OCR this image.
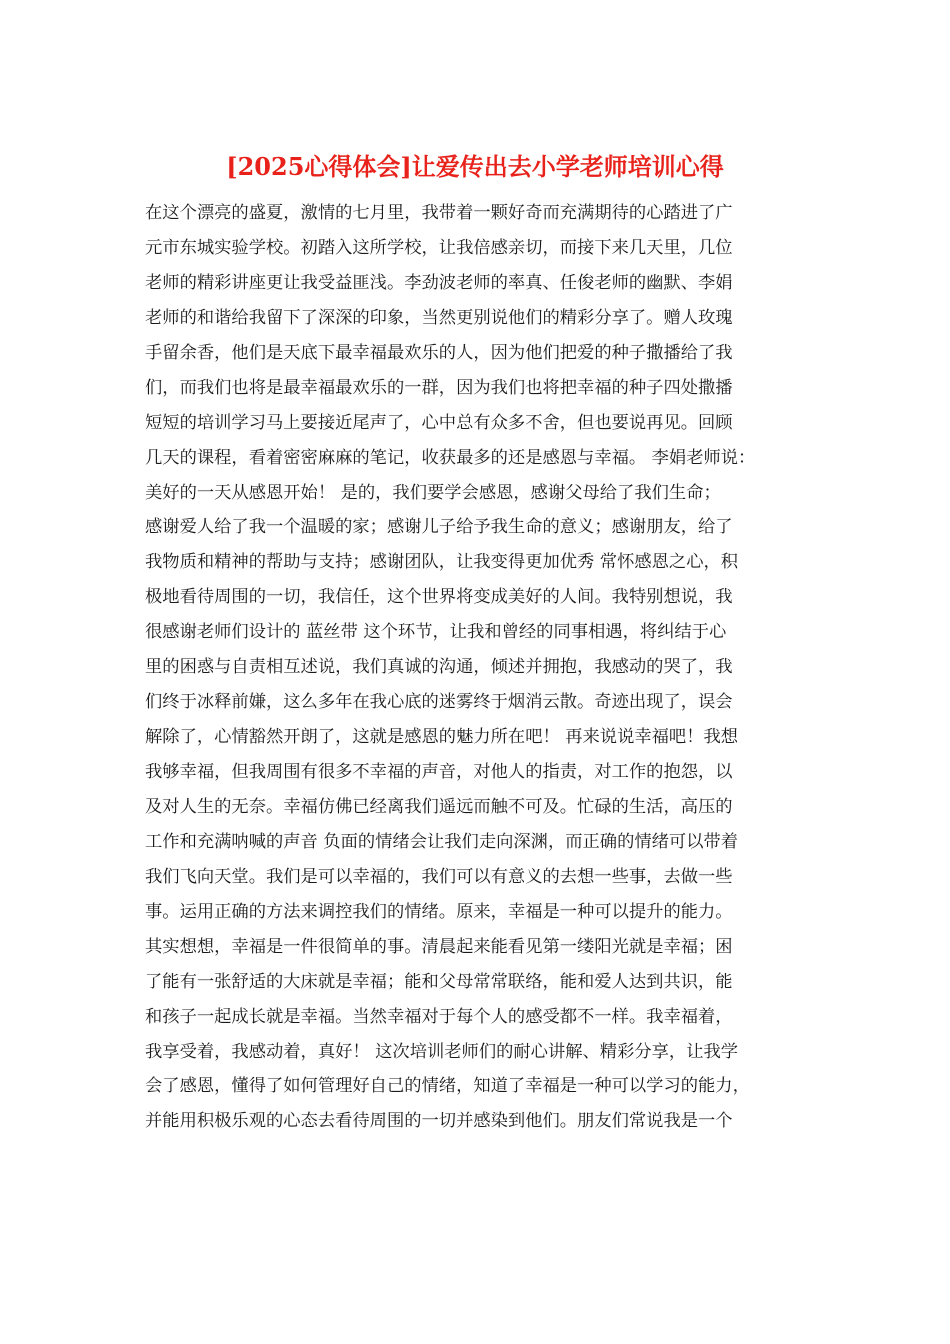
[2025心得体会]让爱传出去小学老师培训心得
在这个漂亮的盛夏，激情的七月里，我带着一颗好奇而充满期待的心踏进了广
元市东城实验学校。初踏入这所学校，让我倍感亲切，而接下来几天里，几位
老师的精彩讲座更让我受益匪浅。李劲波老师的率真、任俊老师的幽默、李娟
老师的和谐给我留下了深深的印象，当然更别说他们的精彩分享了。赠人玫瑰
手留余香，他们是天底下最幸福最欢乐的人，因为他们把爱的种子撒播给了我
们，而我们也将是最幸福最欢乐的一群，因为我们也将把幸福的种子四处撒播
短短的培训学习马上要接近尾声了，心中总有众多不舍，但也要说再见。回顾
几天的课程，看着密密麻麻的笔记，收获最多的还是感恩与幸福。 李娟老师说：
美好的一天从感恩开始！ 是的，我们要学会感恩，感谢父母给了我们生命；
感谢爱人给了我一个温暖的家；感谢儿子给予我生命的意义；感谢朋友，给了
我物质和精神的帮助与支持；感谢团队，让我变得更加优秀 常怀感恩之心，积
极地看待周围的一切，我信任，这个世界将变成美好的人间。我特别想说，我
很感谢老师们设计的 蓝丝带 这个环节，让我和曾经的同事相遇，将纠结于心
里的困惑与自责相互述说，我们真诚的沟通，倾述并拥抱，我感动的哭了，我
们终于冰释前嫌，这么多年在我心底的迷雾终于烟消云散。奇迹出现了，误会
解除了，心情豁然开朗了，这就是感恩的魅力所在吧！ 再来说说幸福吧！我想
我够幸福，但我周围有很多不幸福的声音，对他人的指责，对工作的抱怨，以
及对人生的无奈。幸福仿佛已经离我们遥远而触不可及。忙碌的生活，高压的
工作和充满呐喊的声音 负面的情绪会让我们走向深渊，而正确的情绪可以带着
我们飞向天堂。我们是可以幸福的，我们可以有意义的去想一些事，去做一些
事。运用正确的方法来调控我们的情绪。原来，幸福是一种可以提升的能力。
其实想想，幸福是一件很简单的事。清晨起来能看见第一缕阳光就是幸福；困
了能有一张舒适的大床就是幸福；能和父母常常联络，能和爱人达到共识，能
和孩子一起成长就是幸福。当然幸福对于每个人的感受都不一样。我幸福着，
我享受着，我感动着，真好！ 这次培训老师们的耐心讲解、精彩分享，让我学
会了感恩，懂得了如何管理好自己的情绪，知道了幸福是一种可以学习的能力，
并能用积极乐观的心态去看待周围的一切并感染到他们。朋友们常说我是一个
